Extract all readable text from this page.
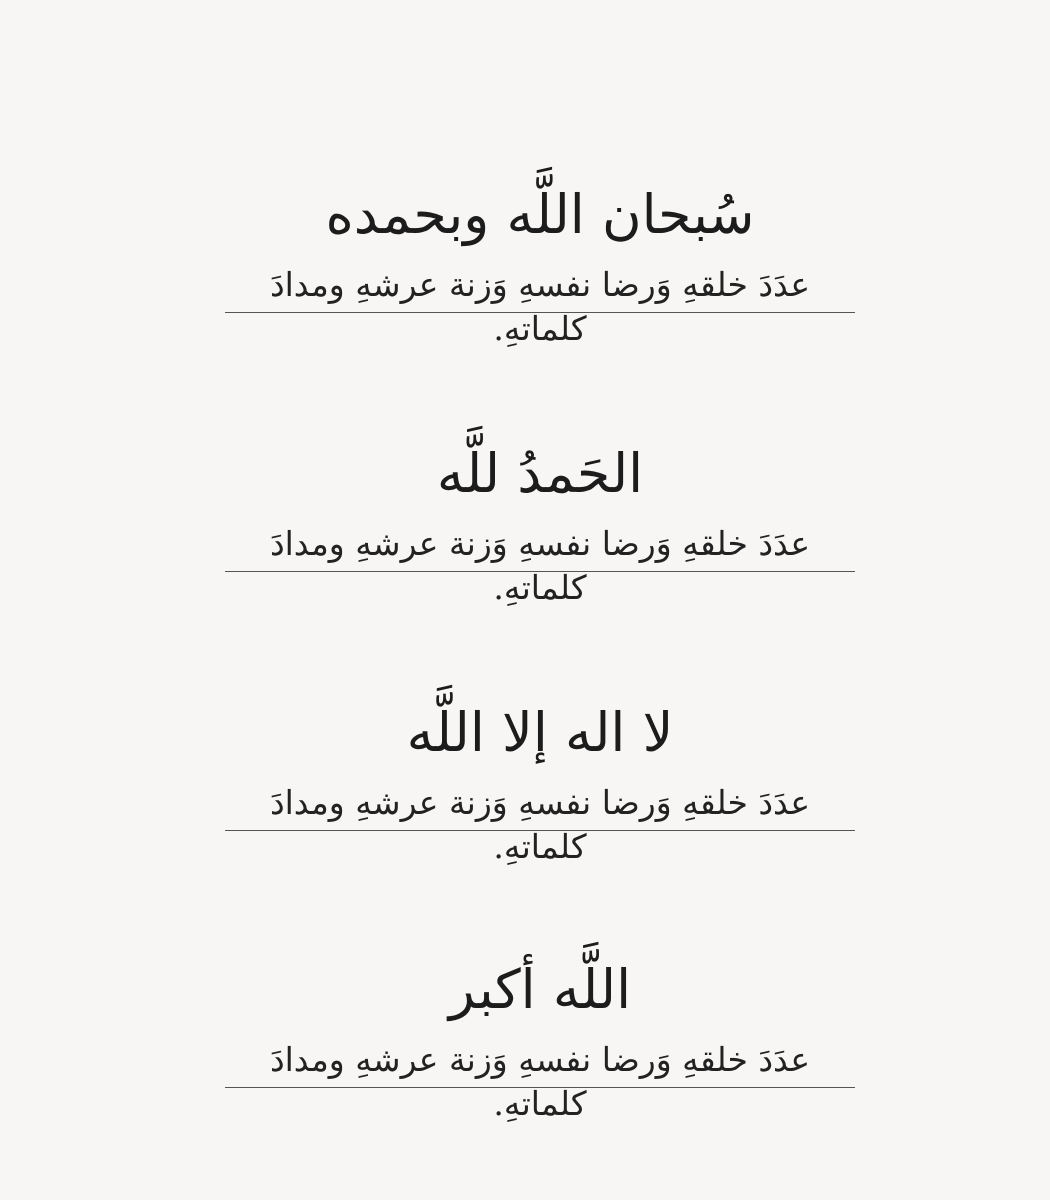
سُبحان اللَّه وبحمده
عدَدَ خلقهِ وَرضا نفسهِ وَزنة عرشهِ ومدادَ كلماتهِ.
الحَمدُ للَّه
عدَدَ خلقهِ وَرضا نفسهِ وَزنة عرشهِ ومدادَ كلماتهِ.
لا اله إلا اللَّه
عدَدَ خلقهِ وَرضا نفسهِ وَزنة عرشهِ ومدادَ كلماتهِ.
اللَّه أكبر
عدَدَ خلقهِ وَرضا نفسهِ وَزنة عرشهِ ومدادَ كلماتهِ.
